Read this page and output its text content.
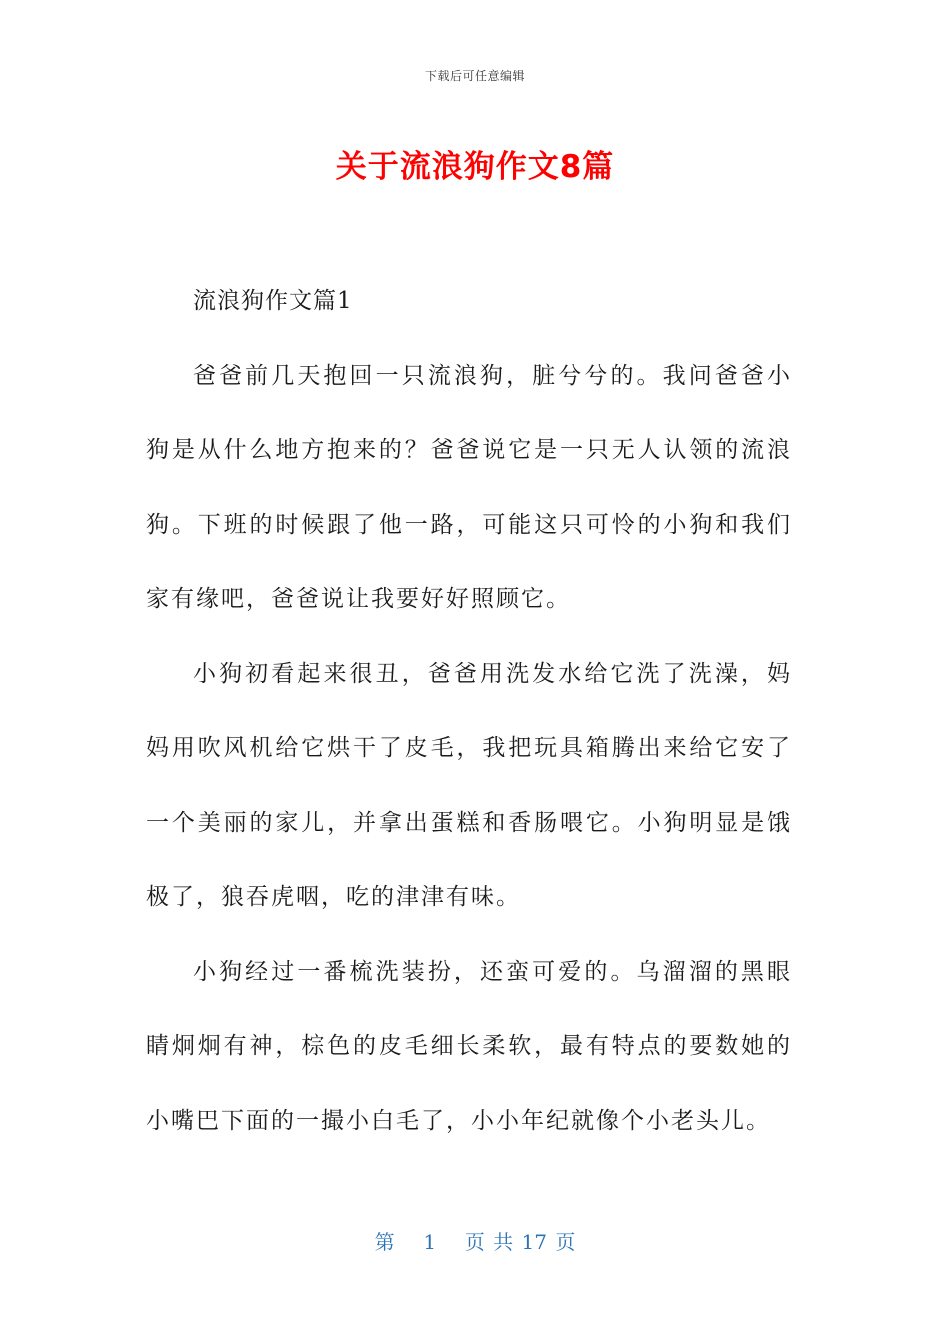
下载后可任意编辑
关于流浪狗作文8篇

流浪狗作文篇1

爸爸前几天抱回一只流浪狗，脏兮兮的。我问爸爸小狗是从什么地方抱来的？爸爸说它是一只无人认领的流浪狗。下班的时候跟了他一路，可能这只可怜的小狗和我们家有缘吧，爸爸说让我要好好照顾它。

小狗初看起来很丑，爸爸用洗发水给它洗了洗澡，妈妈用吹风机给它烘干了皮毛，我把玩具箱腾出来给它安了一个美丽的家儿，并拿出蛋糕和香肠喂它。小狗明显是饿极了，狼吞虎咽，吃的津津有味。

小狗经过一番梳洗装扮，还蛮可爱的。乌溜溜的黑眼睛炯炯有神，棕色的皮毛细长柔软，最有特点的要数她的小嘴巴下面的一撮小白毛了，小小年纪就像个小老头儿。

第 1 页 共 17 页
